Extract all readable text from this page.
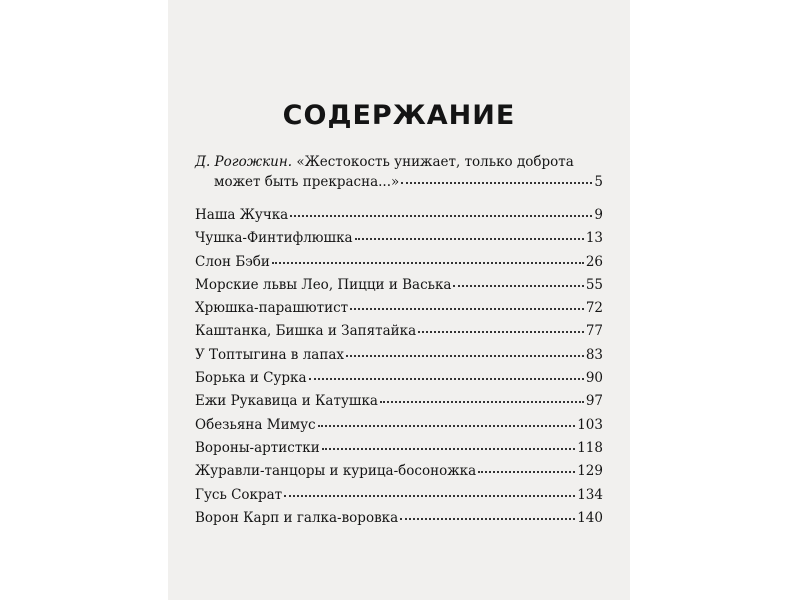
СОДЕРЖАНИЕ
Д. Рогожкин. «Жестокость унижает, только доброта
может быть прекрасна...»	5
Наша Жучка	9
Чушка-Финтифлюшка	13
Слон Бэби	26
Морские львы Лео, Пицци и Васька	55
Хрюшка-парашютист	72
Каштанка, Бишка и Запятайка	77
У Топтыгина в лапах	83
Борька и Сурка	90
Ежи Рукавица и Катушка	97
Обезьяна Мимус	103
Вороны-артистки	118
Журавли-танцоры и курица-босоножка	129
Гусь Сократ	134
Ворон Карп и галка-воровка	140
